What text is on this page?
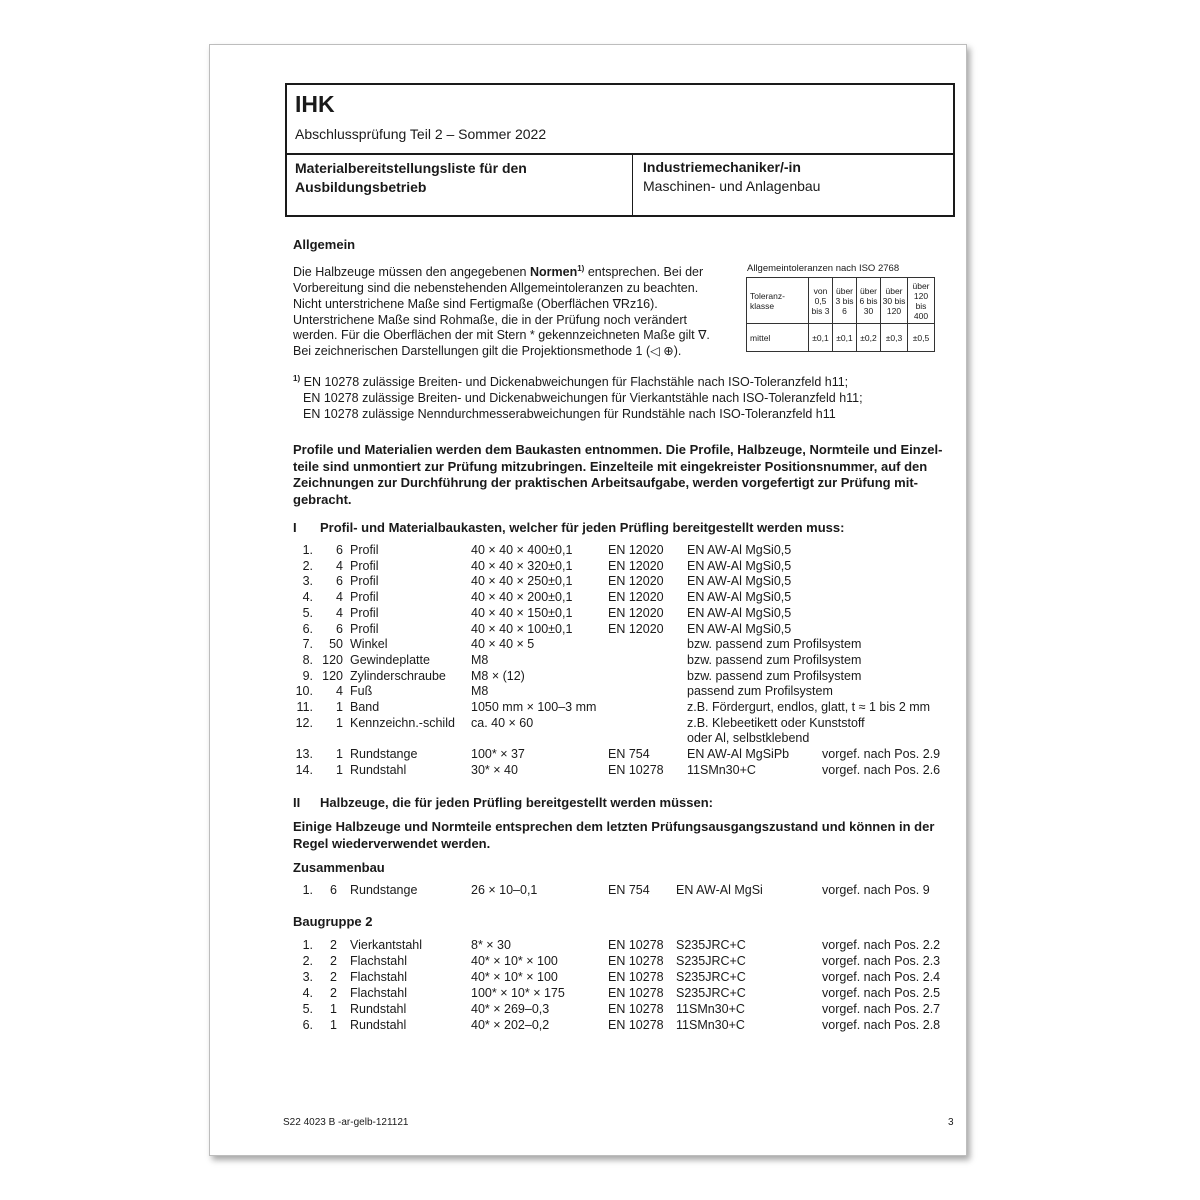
IHK
Abschlussprüfung Teil 2 – Sommer 2022
Materialbereitstellungsliste für den Ausbildungsbetrieb
Industriemechaniker/-in
Maschinen- und Anlagenbau
Allgemein
Die Halbzeuge müssen den angegebenen Normen$^{1)}$ entsprechen. Bei der
Vorbereitung sind die nebenstehenden Allgemeintoleranzen zu beachten.
Nicht unterstrichene Maße sind Fertigmaße (Oberflächen ∇Rz16).
Unterstrichene Maße sind Rohmaße, die in der Prüfung noch verändert
werden. Für die Oberflächen der mit Stern * gekennzeichneten Maße gilt ∇.
Bei zeichnerischen Darstellungen gilt die Projektionsmethode 1 (◁ ⊕).
Allgemeintoleranzen nach ISO 2768
Toleranz-klasse	von 0,5 bis 3	über 3 bis 6	über 6 bis 30	über 30 bis 120	über 120 bis 400
mittel	±0,1	±0,1	±0,2	±0,3	±0,5
$^{1)}$ EN 10278 zulässige Breiten- und Dickenabweichungen für Flachstähle nach ISO-Toleranzfeld h11;
EN 10278 zulässige Breiten- und Dickenabweichungen für Vierkantstähle nach ISO-Toleranzfeld h11;
EN 10278 zulässige Nenndurchmesserabweichungen für Rundstähle nach ISO-Toleranzfeld h11
Profile und Materialien werden dem Baukasten entnommen. Die Profile, Halbzeuge, Normteile und Einzel-
teile sind unmontiert zur Prüfung mitzubringen. Einzelteile mit eingekreister Positionsnummer, auf den
Zeichnungen zur Durchführung der praktischen Arbeitsaufgabe, werden vorgefertigt zur Prüfung mit-
gebracht.
I Profil- und Materialbaukasten, welcher für jeden Prüfling bereitgestellt werden muss:
1. 6 Profil	40 × 40 × 400±0,1	EN 12020 EN AW-Al MgSi0,5
2. 4 Profil	40 × 40 × 320±0,1	EN 12020 EN AW-Al MgSi0,5
3. 6 Profil	40 × 40 × 250±0,1	EN 12020 EN AW-Al MgSi0,5
4. 4 Profil	40 × 40 × 200±0,1	EN 12020 EN AW-Al MgSi0,5
5. 4 Profil	40 × 40 × 150±0,1	EN 12020 EN AW-Al MgSi0,5
6. 6 Profil	40 × 40 × 100±0,1	EN 12020 EN AW-Al MgSi0,5
7. 50 Winkel	40 × 40 × 5	bzw. passend zum Profilsystem
8. 120 Gewindeplatte	M8	bzw. passend zum Profilsystem
9. 120 Zylinderschraube M8 × (12)	bzw. passend zum Profilsystem
10. 4 Fuß	M8	passend zum Profilsystem
11. 1 Band	1050 mm × 100–3 mm	z.B. Fördergurt, endlos, glatt, t ≈ 1 bis 2 mm
12. 1 Kennzeichn.-schild ca. 40 × 60	z.B. Klebeetikett oder Kunststoff
oder Al, selbstklebend
13. 1 Rundstange	100* × 37	EN 754	EN AW-Al MgSiPb	vorgef. nach Pos. 2.9
14. 1 Rundstahl	30* × 40	EN 10278 11SMn30+C	vorgef. nach Pos. 2.6
II Halbzeuge, die für jeden Prüfling bereitgestellt werden müssen:
Einige Halbzeuge und Normteile entsprechen dem letzten Prüfungsausgangszustand und können in der
Regel wiederverwendet werden.
Zusammenbau
1. 6 Rundstange	26 × 10–0,1	EN 754 EN AW-Al MgSi	vorgef. nach Pos. 9
Baugruppe 2
1. 2 Vierkantstahl	8* × 30	EN 10278 S235JRC+C	vorgef. nach Pos. 2.2
2. 2 Flachstahl	40* × 10* × 100	EN 10278 S235JRC+C	vorgef. nach Pos. 2.3
3. 2 Flachstahl	40* × 10* × 100	EN 10278 S235JRC+C	vorgef. nach Pos. 2.4
4. 2 Flachstahl	100* × 10* × 175	EN 10278 S235JRC+C	vorgef. nach Pos. 2.5
5. 1 Rundstahl	40* × 269–0,3	EN 10278 11SMn30+C	vorgef. nach Pos. 2.7
6. 1 Rundstahl	40* × 202–0,2	EN 10278 11SMn30+C	vorgef. nach Pos. 2.8
S22 4023 B -ar-gelb-121121	3
